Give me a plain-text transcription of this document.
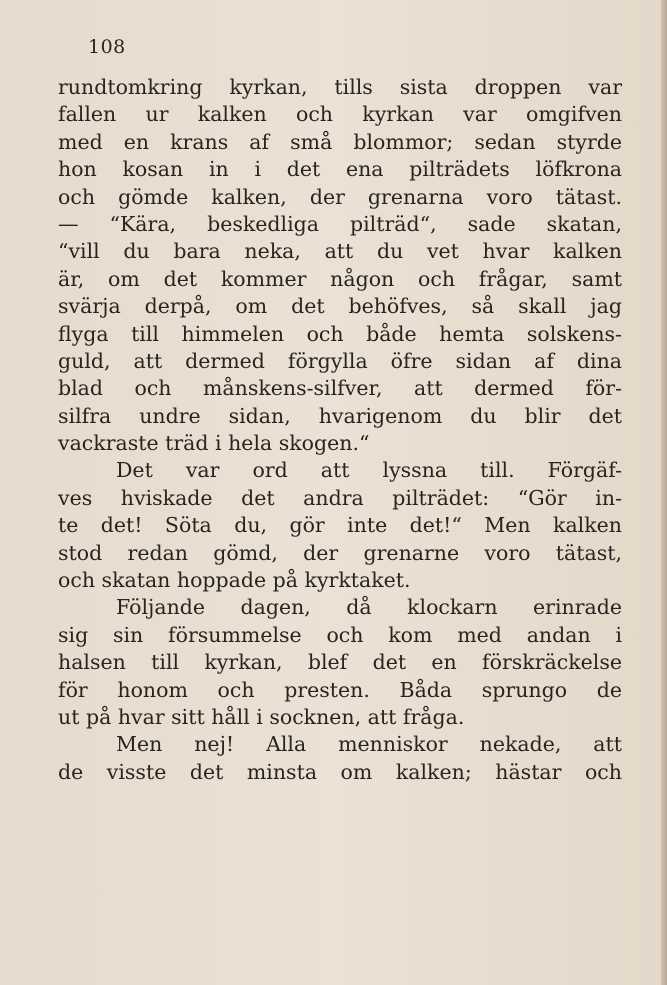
108
rundtomkring kyrkan, tills sista droppen var
fallen ur kalken och kyrkan var omgifven
med en krans af små blommor; sedan styrde
hon kosan in i det ena pilträdets löfkrona
och gömde kalken, der grenarna voro tätast.
— “Kära, beskedliga pilträd“, sade skatan,
“vill du bara neka, att du vet hvar kalken
är, om det kommer någon och frågar, samt
svärja derpå, om det behöfves, så skall jag
flyga till himmelen och både hemta solskens-
guld, att dermed förgylla öfre sidan af dina
blad och månskens-silfver, att dermed för-
silfra undre sidan, hvarigenom du blir det
vackraste träd i hela skogen.“
Det var ord att lyssna till. Förgäf-
ves hviskade det andra pilträdet: “Gör in-
te det! Söta du, gör inte det!“ Men kalken
stod redan gömd, der grenarne voro tätast,
och skatan hoppade på kyrktaket.
Följande dagen, då klockarn erinrade
sig sin försummelse och kom med andan i
halsen till kyrkan, blef det en förskräckelse
för honom och presten. Båda sprungo de
ut på hvar sitt håll i socknen, att fråga.
Men nej! Alla menniskor nekade, att
de visste det minsta om kalken; hästar och
